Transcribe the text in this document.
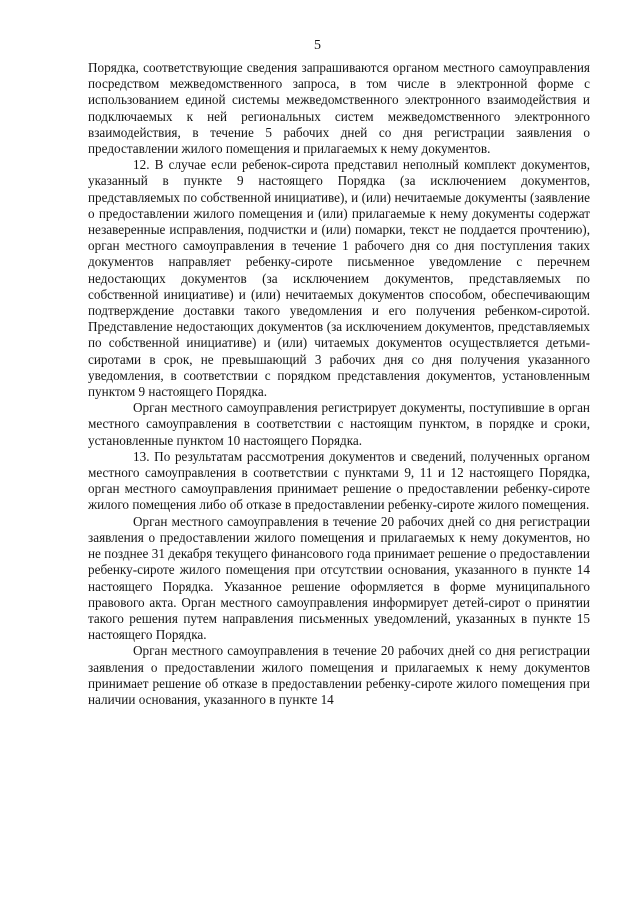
5

Порядка, соответствующие сведения запрашиваются органом местного самоуправления посредством межведомственного запроса, в том числе в электронной форме с использованием единой системы межведомственного электронного взаимодействия и подключаемых к ней региональных систем межведомственного электронного взаимодействия, в течение 5 рабочих дней со дня регистрации заявления о предоставлении жилого помещения и прилагаемых к нему документов.

12. В случае если ребенок-сирота представил неполный комплект документов, указанный в пункте 9 настоящего Порядка (за исключением документов, представляемых по собственной инициативе), и (или) нечитаемые документы (заявление о предоставлении жилого помещения и (или) прилагаемые к нему документы содержат незаверенные исправления, подчистки и (или) помарки, текст не поддается прочтению), орган местного самоуправления в течение 1 рабочего дня со дня поступления таких документов направляет ребенку-сироте письменное уведомление с перечнем недостающих документов (за исключением документов, представляемых по собственной инициативе) и (или) нечитаемых документов способом, обеспечивающим подтверждение доставки такого уведомления и его получения ребенком-сиротой. Представление недостающих документов (за исключением документов, представляемых по собственной инициативе) и (или) читаемых документов осуществляется детьми-сиротами в срок, не превышающий 3 рабочих дня со дня получения указанного уведомления, в соответствии с порядком представления документов, установленным пунктом 9 настоящего Порядка.

Орган местного самоуправления регистрирует документы, поступившие в орган местного самоуправления в соответствии с настоящим пунктом, в порядке и сроки, установленные пунктом 10 настоящего Порядка.

13. По результатам рассмотрения документов и сведений, полученных органом местного самоуправления в соответствии с пунктами 9, 11 и 12 настоящего Порядка, орган местного самоуправления принимает решение о предоставлении ребенку-сироте жилого помещения либо об отказе в предоставлении ребенку-сироте жилого помещения.

Орган местного самоуправления в течение 20 рабочих дней со дня регистрации заявления о предоставлении жилого помещения и прилагаемых к нему документов, но не позднее 31 декабря текущего финансового года принимает решение о предоставлении ребенку-сироте жилого помещения при отсутствии основания, указанного в пункте 14 настоящего Порядка. Указанное решение оформляется в форме муниципального правового акта. Орган местного самоуправления информирует детей-сирот о принятии такого решения путем направления письменных уведомлений, указанных в пункте 15 настоящего Порядка.

Орган местного самоуправления в течение 20 рабочих дней со дня регистрации заявления о предоставлении жилого помещения и прилагаемых к нему документов принимает решение об отказе в предоставлении ребенку-сироте жилого помещения при наличии основания, указанного в пункте 14
